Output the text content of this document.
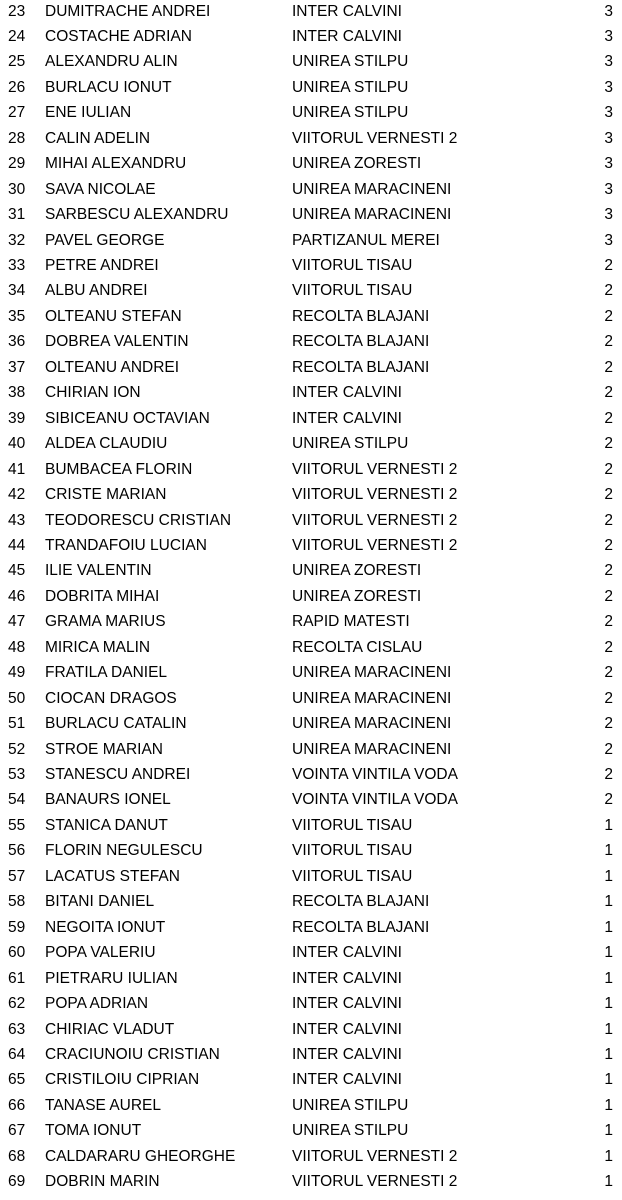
23 DUMITRACHE ANDREI	INTER CALVINI	3
24 COSTACHE ADRIAN	INTER CALVINI	3
25 ALEXANDRU ALIN	UNIREA STILPU	3
26 BURLACU IONUT	UNIREA STILPU	3
27 ENE IULIAN	UNIREA STILPU	3
28 CALIN ADELIN	VIITORUL VERNESTI 2	3
29 MIHAI ALEXANDRU	UNIREA ZORESTI	3
30 SAVA NICOLAE	UNIREA MARACINENI	3
31 SARBESCU ALEXANDRU	UNIREA MARACINENI	3
32 PAVEL GEORGE	PARTIZANUL MEREI	3
33 PETRE ANDREI	VIITORUL TISAU	2
34 ALBU ANDREI	VIITORUL TISAU	2
35 OLTEANU STEFAN	RECOLTA BLAJANI	2
36 DOBREA VALENTIN	RECOLTA BLAJANI	2
37 OLTEANU ANDREI	RECOLTA BLAJANI	2
38 CHIRIAN ION	INTER CALVINI	2
39 SIBICEANU OCTAVIAN	INTER CALVINI	2
40 ALDEA CLAUDIU	UNIREA STILPU	2
41 BUMBACEA FLORIN	VIITORUL VERNESTI 2	2
42 CRISTE MARIAN	VIITORUL VERNESTI 2	2
43 TEODORESCU CRISTIAN	VIITORUL VERNESTI 2	2
44 TRANDAFOIU LUCIAN	VIITORUL VERNESTI 2	2
45 ILIE VALENTIN	UNIREA ZORESTI	2
46 DOBRITA MIHAI	UNIREA ZORESTI	2
47 GRAMA MARIUS	RAPID MATESTI	2
48 MIRICA MALIN	RECOLTA CISLAU	2
49 FRATILA DANIEL	UNIREA MARACINENI	2
50 CIOCAN DRAGOS	UNIREA MARACINENI	2
51 BURLACU CATALIN	UNIREA MARACINENI	2
52 STROE MARIAN	UNIREA MARACINENI	2
53 STANESCU ANDREI	VOINTA VINTILA VODA	2
54 BANAURS IONEL	VOINTA VINTILA VODA	2
55 STANICA DANUT	VIITORUL TISAU	1
56 FLORIN NEGULESCU	VIITORUL TISAU	1
57 LACATUS STEFAN	VIITORUL TISAU	1
58 BITANI DANIEL	RECOLTA BLAJANI	1
59 NEGOITA IONUT	RECOLTA BLAJANI	1
60 POPA VALERIU	INTER CALVINI	1
61 PIETRARU IULIAN	INTER CALVINI	1
62 POPA ADRIAN	INTER CALVINI	1
63 CHIRIAC VLADUT	INTER CALVINI	1
64 CRACIUNOIU CRISTIAN	INTER CALVINI	1
65 CRISTILOIU CIPRIAN	INTER CALVINI	1
66 TANASE AUREL	UNIREA STILPU	1
67 TOMA IONUT	UNIREA STILPU	1
68 CALDARARU GHEORGHE	VIITORUL VERNESTI 2	1
69 DOBRIN MARIN	VIITORUL VERNESTI 2	1
